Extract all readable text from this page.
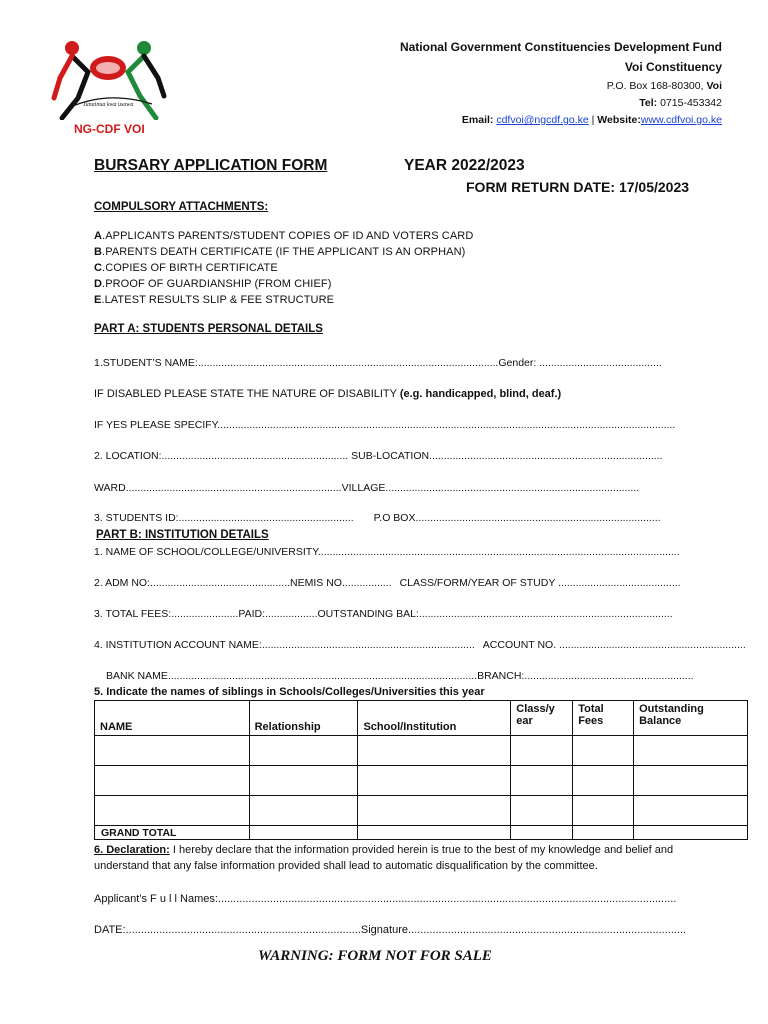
Tunainua kwa usawa
NG-CDF VOI
National Government Constituencies Development Fund
Voi Constituency
P.O. Box 168-80300, Voi
Tel: 0715-453342
Email: cdfvoi@ngcdf.go.ke | Website:www.cdfvoi.go.ke
BURSARY APPLICATION FORM	YEAR 2022/2023
FORM RETURN DATE: 17/05/2023
COMPULSORY ATTACHMENTS:
A.APPLICANTS PARENTS/STUDENT COPIES OF ID AND VOTERS CARD
B.PARENTS DEATH CERTIFICATE (IF THE APPLICANT IS AN ORPHAN)
C.COPIES OF BIRTH CERTIFICATE
D.PROOF OF GUARDIANSHIP (FROM CHIEF)
E.LATEST RESULTS SLIP & FEE STRUCTURE
PART A: STUDENTS PERSONAL DETAILS
1.STUDENT’S NAME:.......................................................................................................Gender: ..........................................
IF DISABLED PLEASE STATE THE NATURE OF DISABILITY (e.g. handicapped, blind, deaf.)
IF YES PLEASE SPECIFY.............................................................................................................................................................
2. LOCATION:................................................................ SUB-LOCATION................................................................................
WARD..........................................................................VILLAGE.......................................................................................
3. STUDENTS ID:............................................................ P.O BOX....................................................................................
PART B: INSTITUTION DETAILS
1. NAME OF SCHOOL/COLLEGE/UNIVERSITY............................................................................................................................
2. ADM NO:................................................NEMIS NO................. CLASS/FORM/YEAR OF STUDY ..........................................
3. TOTAL FEES:.......................PAID:..................OUTSTANDING BAL:.......................................................................................
4. INSTITUTION ACCOUNT NAME:......................................................................... ACCOUNT NO. ................................................................
BANK NAME..........................................................................................................BRANCH:..........................................................
5. Indicate the names of siblings in Schools/Colleges/Universities this year
NAME	Relationship	School/Institution	Class/y ear	Total Fees	Outstanding Balance

GRAND TOTAL					
6. Declaration: I hereby declare that the information provided herein is true to the best of my knowledge and belief and understand that any false information provided shall lead to automatic disqualification by the committee.
Applicant’s F u l l Names:......................................................................................................................................................
DATE:.............................................................................Signature...........................................................................................
WARNING: FORM NOT FOR SALE
